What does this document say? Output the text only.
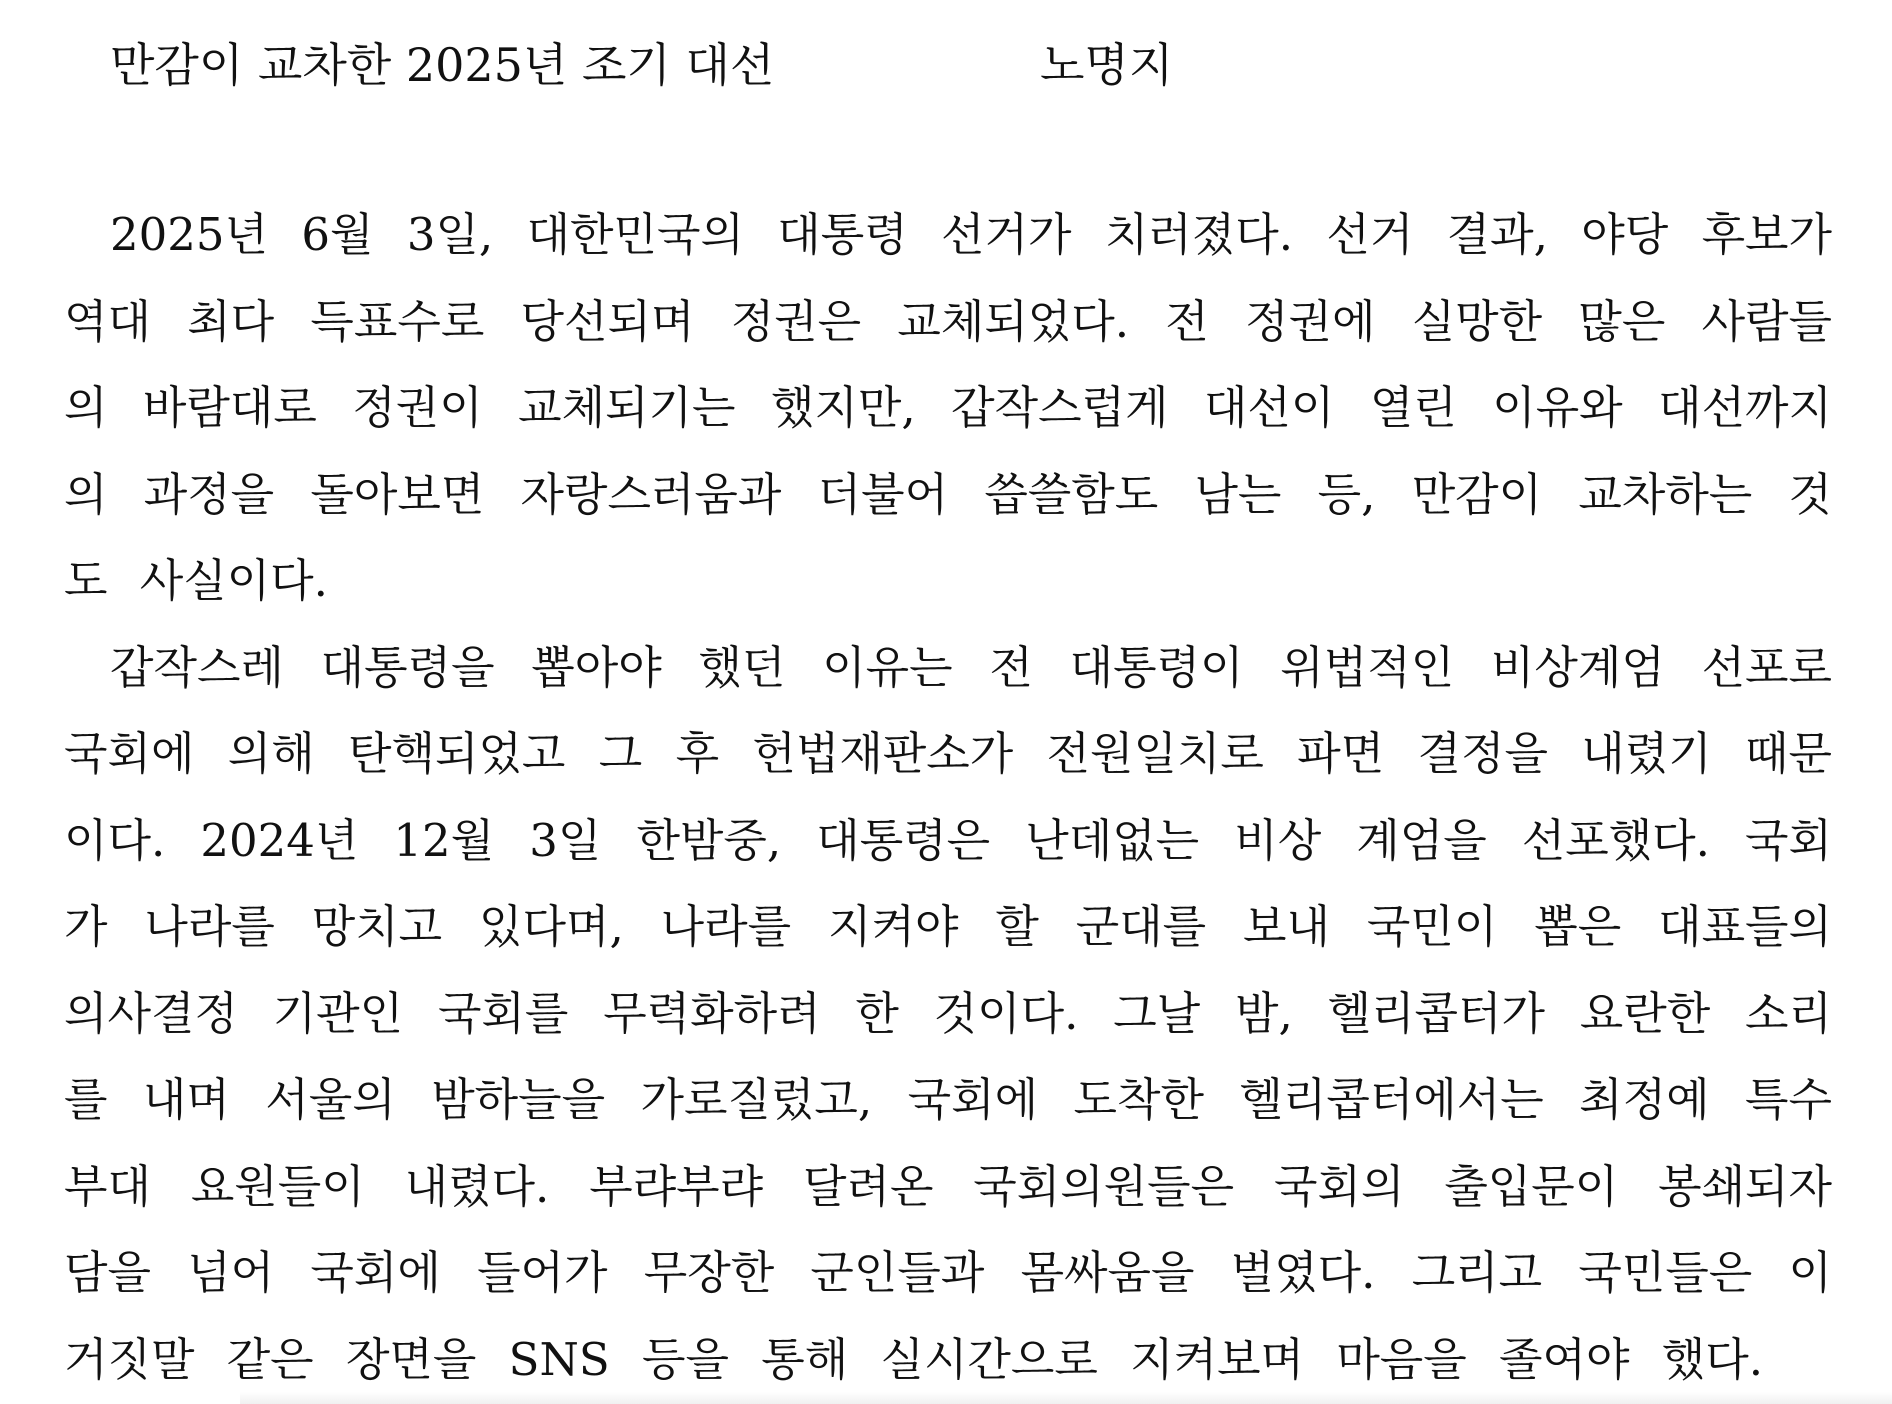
만감이 교차한 2025년 조기 대선

	노명지

2025년 6월 3일, 대한민국의 대통령 선거가 치러졌다. 선거 결과, 야당 후보가 역대 최다 득표수로 당선되며 정권은 교체되었다. 전 정권에 실망한 많은 사람들의 바람대로 정권이 교체되기는 했지만, 갑작스럽게 대선이 열린 이유와 대선까지의 과정을 돌아보면 자랑스러움과 더불어 씁쓸함도 남는 등, 만감이 교차하는 것도 사실이다.

갑작스레 대통령을 뽑아야 했던 이유는 전 대통령이 위법적인 비상계엄 선포로 국회에 의해 탄핵되었고 그 후 헌법재판소가 전원일치로 파면 결정을 내렸기 때문이다. 2024년 12월 3일 한밤중, 대통령은 난데없는 비상 계엄을 선포했다. 국회가 나라를 망치고 있다며, 나라를 지켜야 할 군대를 보내 국민이 뽑은 대표들의 의사결정 기관인 국회를 무력화하려 한 것이다. 그날 밤, 헬리콥터가 요란한 소리를 내며 서울의 밤하늘을 가로질렀고, 국회에 도착한 헬리콥터에서는 최정예 특수부대 요원들이 내렸다. 부랴부랴 달려온 국회의원들은 국회의 출입문이 봉쇄되자 담을 넘어 국회에 들어가 무장한 군인들과 몸싸움을 벌였다. 그리고 국민들은 이 거짓말 같은 장면을 SNS 등을 통해 실시간으로 지켜보며 마음을 졸여야 했다.
